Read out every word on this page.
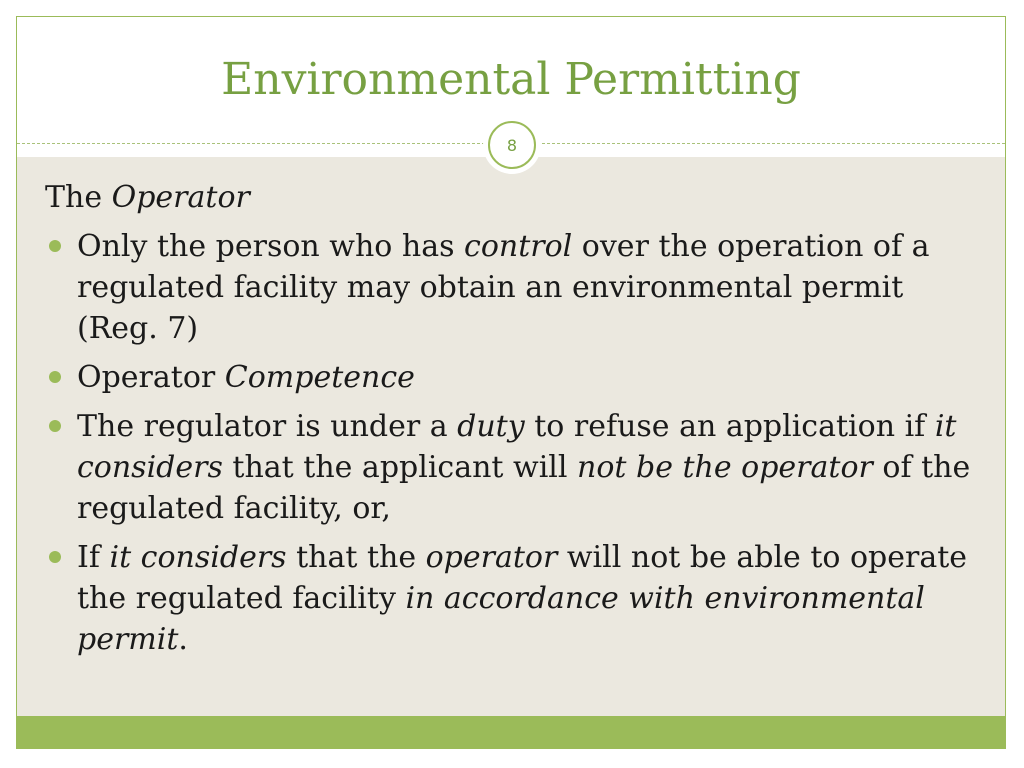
Environmental Permitting
8
The Operator
Only the person who has control over the operation of a regulated facility may obtain an environmental permit (Reg. 7)
Operator Competence
The regulator is under a duty to refuse an application if it considers that the applicant will not be the operator of the regulated facility, or,
If it considers that the operator will not be able to operate the regulated facility in accordance with environmental permit.
